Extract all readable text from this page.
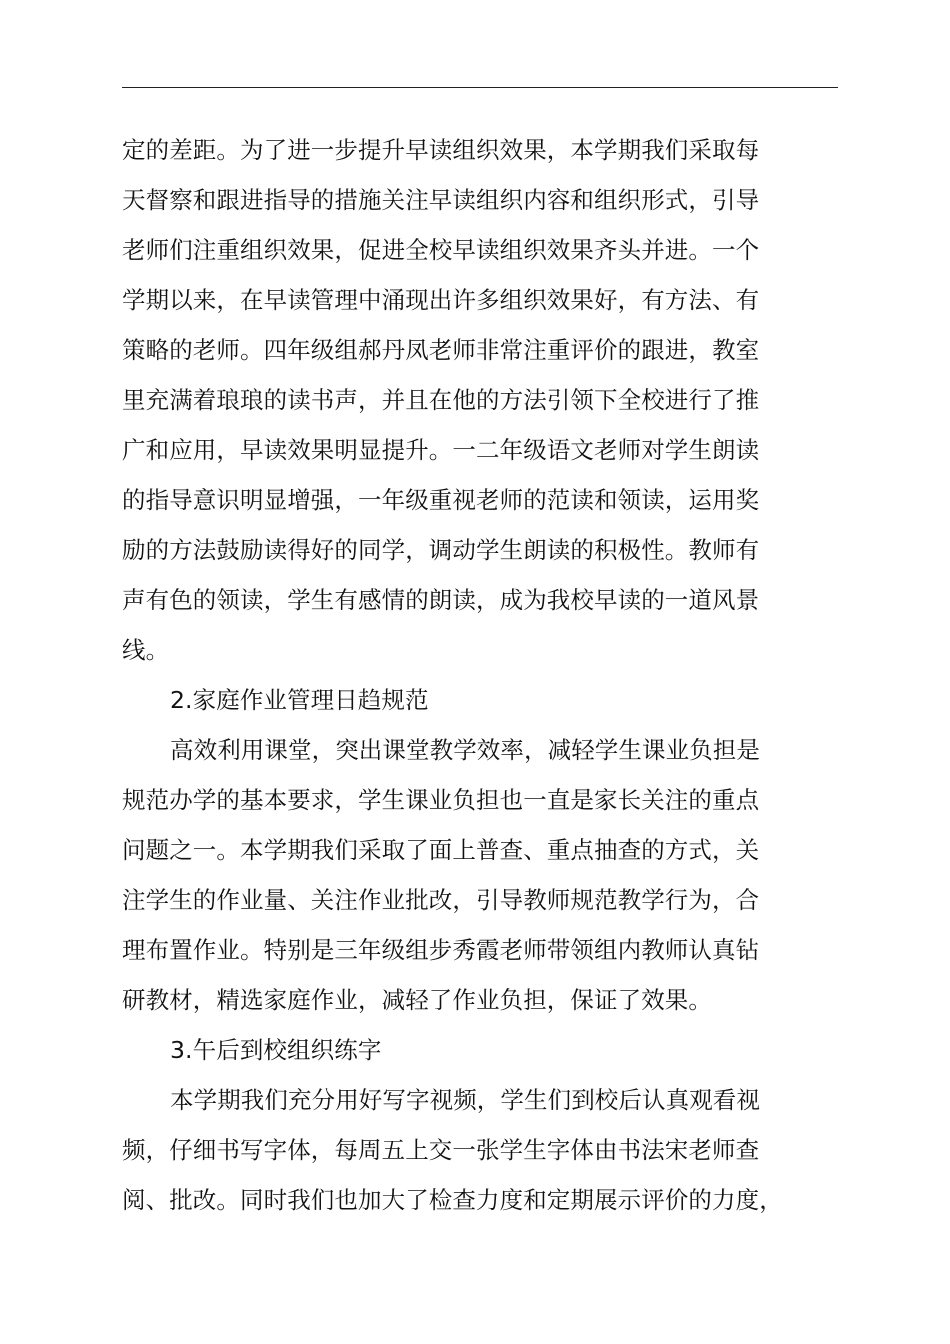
定的差距。为了进一步提升早读组织效果，本学期我们采取每
天督察和跟进指导的措施关注早读组织内容和组织形式，引导
老师们注重组织效果，促进全校早读组织效果齐头并进。一个
学期以来，在早读管理中涌现出许多组织效果好，有方法、有
策略的老师。四年级组郝丹凤老师非常注重评价的跟进，教室
里充满着琅琅的读书声，并且在他的方法引领下全校进行了推
广和应用，早读效果明显提升。一二年级语文老师对学生朗读
的指导意识明显增强，一年级重视老师的范读和领读，运用奖
励的方法鼓励读得好的同学，调动学生朗读的积极性。教师有
声有色的领读，学生有感情的朗读，成为我校早读的一道风景
线。
2.家庭作业管理日趋规范
高效利用课堂，突出课堂教学效率，减轻学生课业负担是
规范办学的基本要求，学生课业负担也一直是家长关注的重点
问题之一。本学期我们采取了面上普查、重点抽查的方式，关
注学生的作业量、关注作业批改，引导教师规范教学行为，合
理布置作业。特别是三年级组步秀霞老师带领组内教师认真钻
研教材，精选家庭作业，减轻了作业负担，保证了效果。
3.午后到校组织练字
本学期我们充分用好写字视频，学生们到校后认真观看视
频，仔细书写字体，每周五上交一张学生字体由书法宋老师查
阅、批改。同时我们也加大了检查力度和定期展示评价的力度，
